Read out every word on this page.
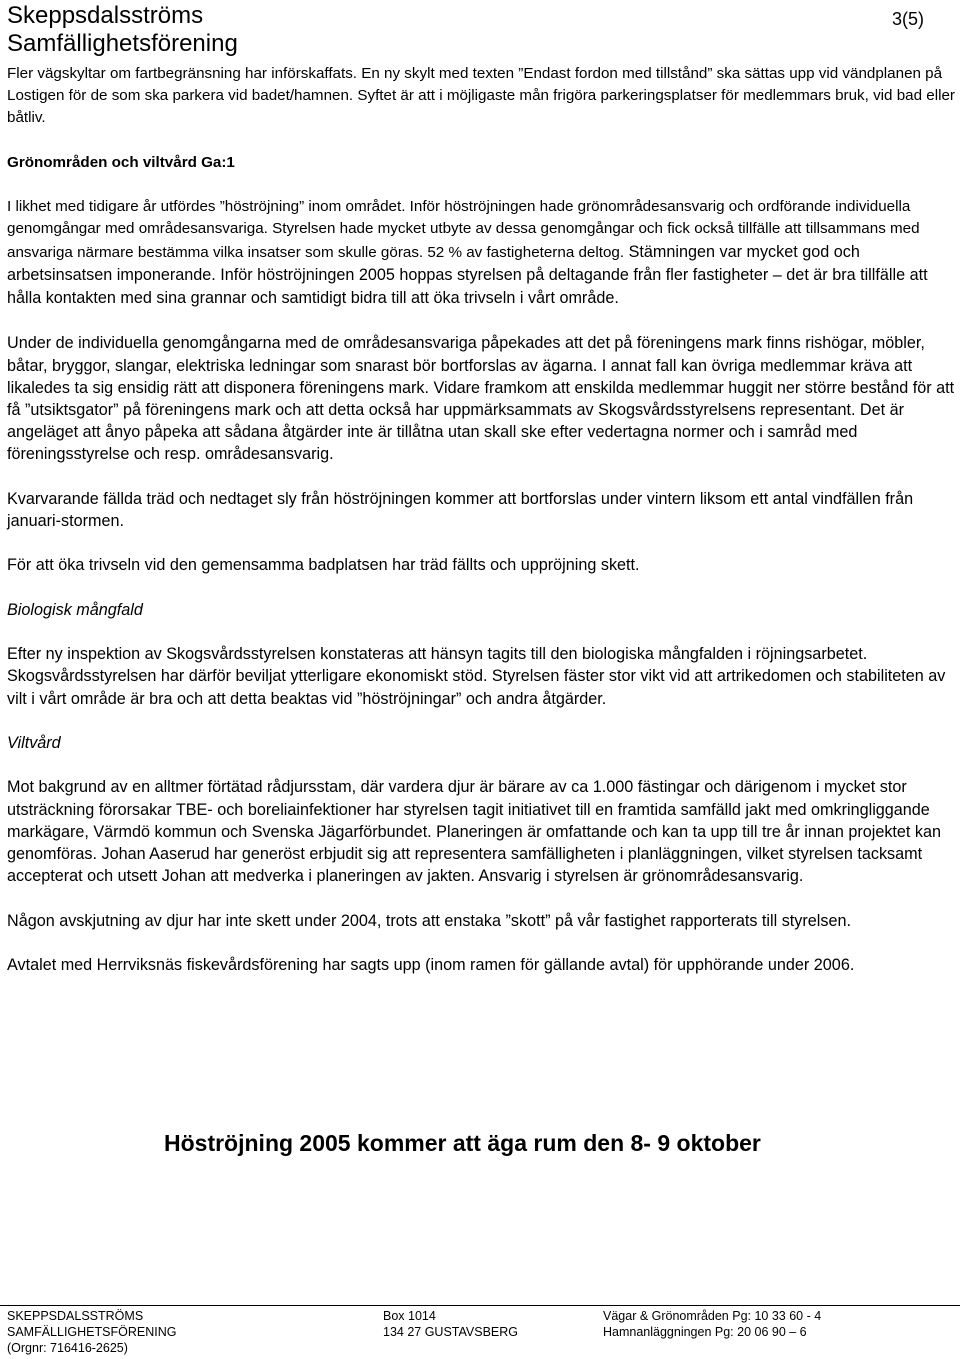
Skeppsdalsströms
Samfällighetsförening
3(5)

Fler vägskyltar om fartbegränsning har införskaffats. En ny skylt med texten ”Endast fordon med tillstånd” ska sättas upp vid vändplanen på Lostigen för de som ska parkera vid badet/hamnen. Syftet är att i möjligaste mån frigöra parkeringsplatser för medlemmars bruk, vid bad eller båtliv.

Grönområden och viltvård Ga:1

I likhet med tidigare år utfördes ”höströjning” inom området. Inför höströjningen hade grönområdesansvarig och ordförande individuella genomgångar med områdesansvariga. Styrelsen hade mycket utbyte av dessa genomgångar och fick också tillfälle att tillsammans med ansvariga närmare bestämma vilka insatser som skulle göras. 52 % av fastigheterna deltog. Stämningen var mycket god och arbetsinsatsen imponerande. Inför höströjningen 2005 hoppas styrelsen på deltagande från fler fastigheter – det är bra tillfälle att hålla kontakten med sina grannar och samtidigt bidra till att öka trivseln i vårt område.

Under de individuella genomgångarna med de områdesansvariga påpekades att det på föreningens mark finns rishögar, möbler, båtar, bryggor, slangar, elektriska ledningar som snarast bör bortforslas av ägarna. I annat fall kan övriga medlemmar kräva att likaledes ta sig ensidig rätt att disponera föreningens mark. Vidare framkom att enskilda medlemmar huggit ner större bestånd för att få ”utsiktsgator” på föreningens mark och att detta också har uppmärksammats av Skogsvårdsstyrelsens representant. Det är angeläget att ånyo påpeka att sådana åtgärder inte är tillåtna utan skall ske efter vedertagna normer och i samråd med föreningsstyrelse och resp. områdesansvarig.

Kvarvarande fällda träd och nedtaget sly från höströjningen kommer att bortforslas under vintern liksom ett antal vindfällen från januari-stormen.

För att öka trivseln vid den gemensamma badplatsen har träd fällts och uppröjning skett.

Biologisk mångfald

Efter ny inspektion av Skogsvårdsstyrelsen konstateras att hänsyn tagits till den biologiska mångfalden i röjningsarbetet. Skogsvårdsstyrelsen har därför beviljat ytterligare ekonomiskt stöd. Styrelsen fäster stor vikt vid att artrikedomen och stabiliteten av vilt i vårt område är bra och att detta beaktas vid ”höströjningar” och andra åtgärder.

Viltvård

Mot bakgrund av en alltmer förtätad rådjursstam, där vardera djur är bärare av ca 1.000 fästingar och därigenom i mycket stor utsträckning förorsakar TBE- och boreliainfektioner har styrelsen tagit initiativet till en framtida samfälld jakt med omkringliggande markägare, Värmdö kommun och Svenska Jägarförbundet. Planeringen är omfattande och kan ta upp till tre år innan projektet kan genomföras. Johan Aaserud har generöst erbjudit sig att representera samfälligheten i planläggningen, vilket styrelsen tacksamt accepterat och utsett Johan att medverka i planeringen av jakten. Ansvarig i styrelsen är grönområdesansvarig.

Någon avskjutning av djur har inte skett under 2004, trots att enstaka ”skott” på vår fastighet rapporterats till styrelsen.

Avtalet med Herrviksnäs fiskevårdsförening har sagts upp (inom ramen för gällande avtal) för upphörande under 2006.

Höströjning 2005 kommer att äga rum den 8- 9 oktober
SKEPPSDALSSTRÖMS
SAMFÄLLIGHETSFÖRENING
(Orgnr: 716416-2625)
Box 1014
134 27 GUSTAVSBERG
Vägar & Grönområden Pg: 10 33 60 - 4
Hamnanläggningen Pg: 20 06 90 – 6
